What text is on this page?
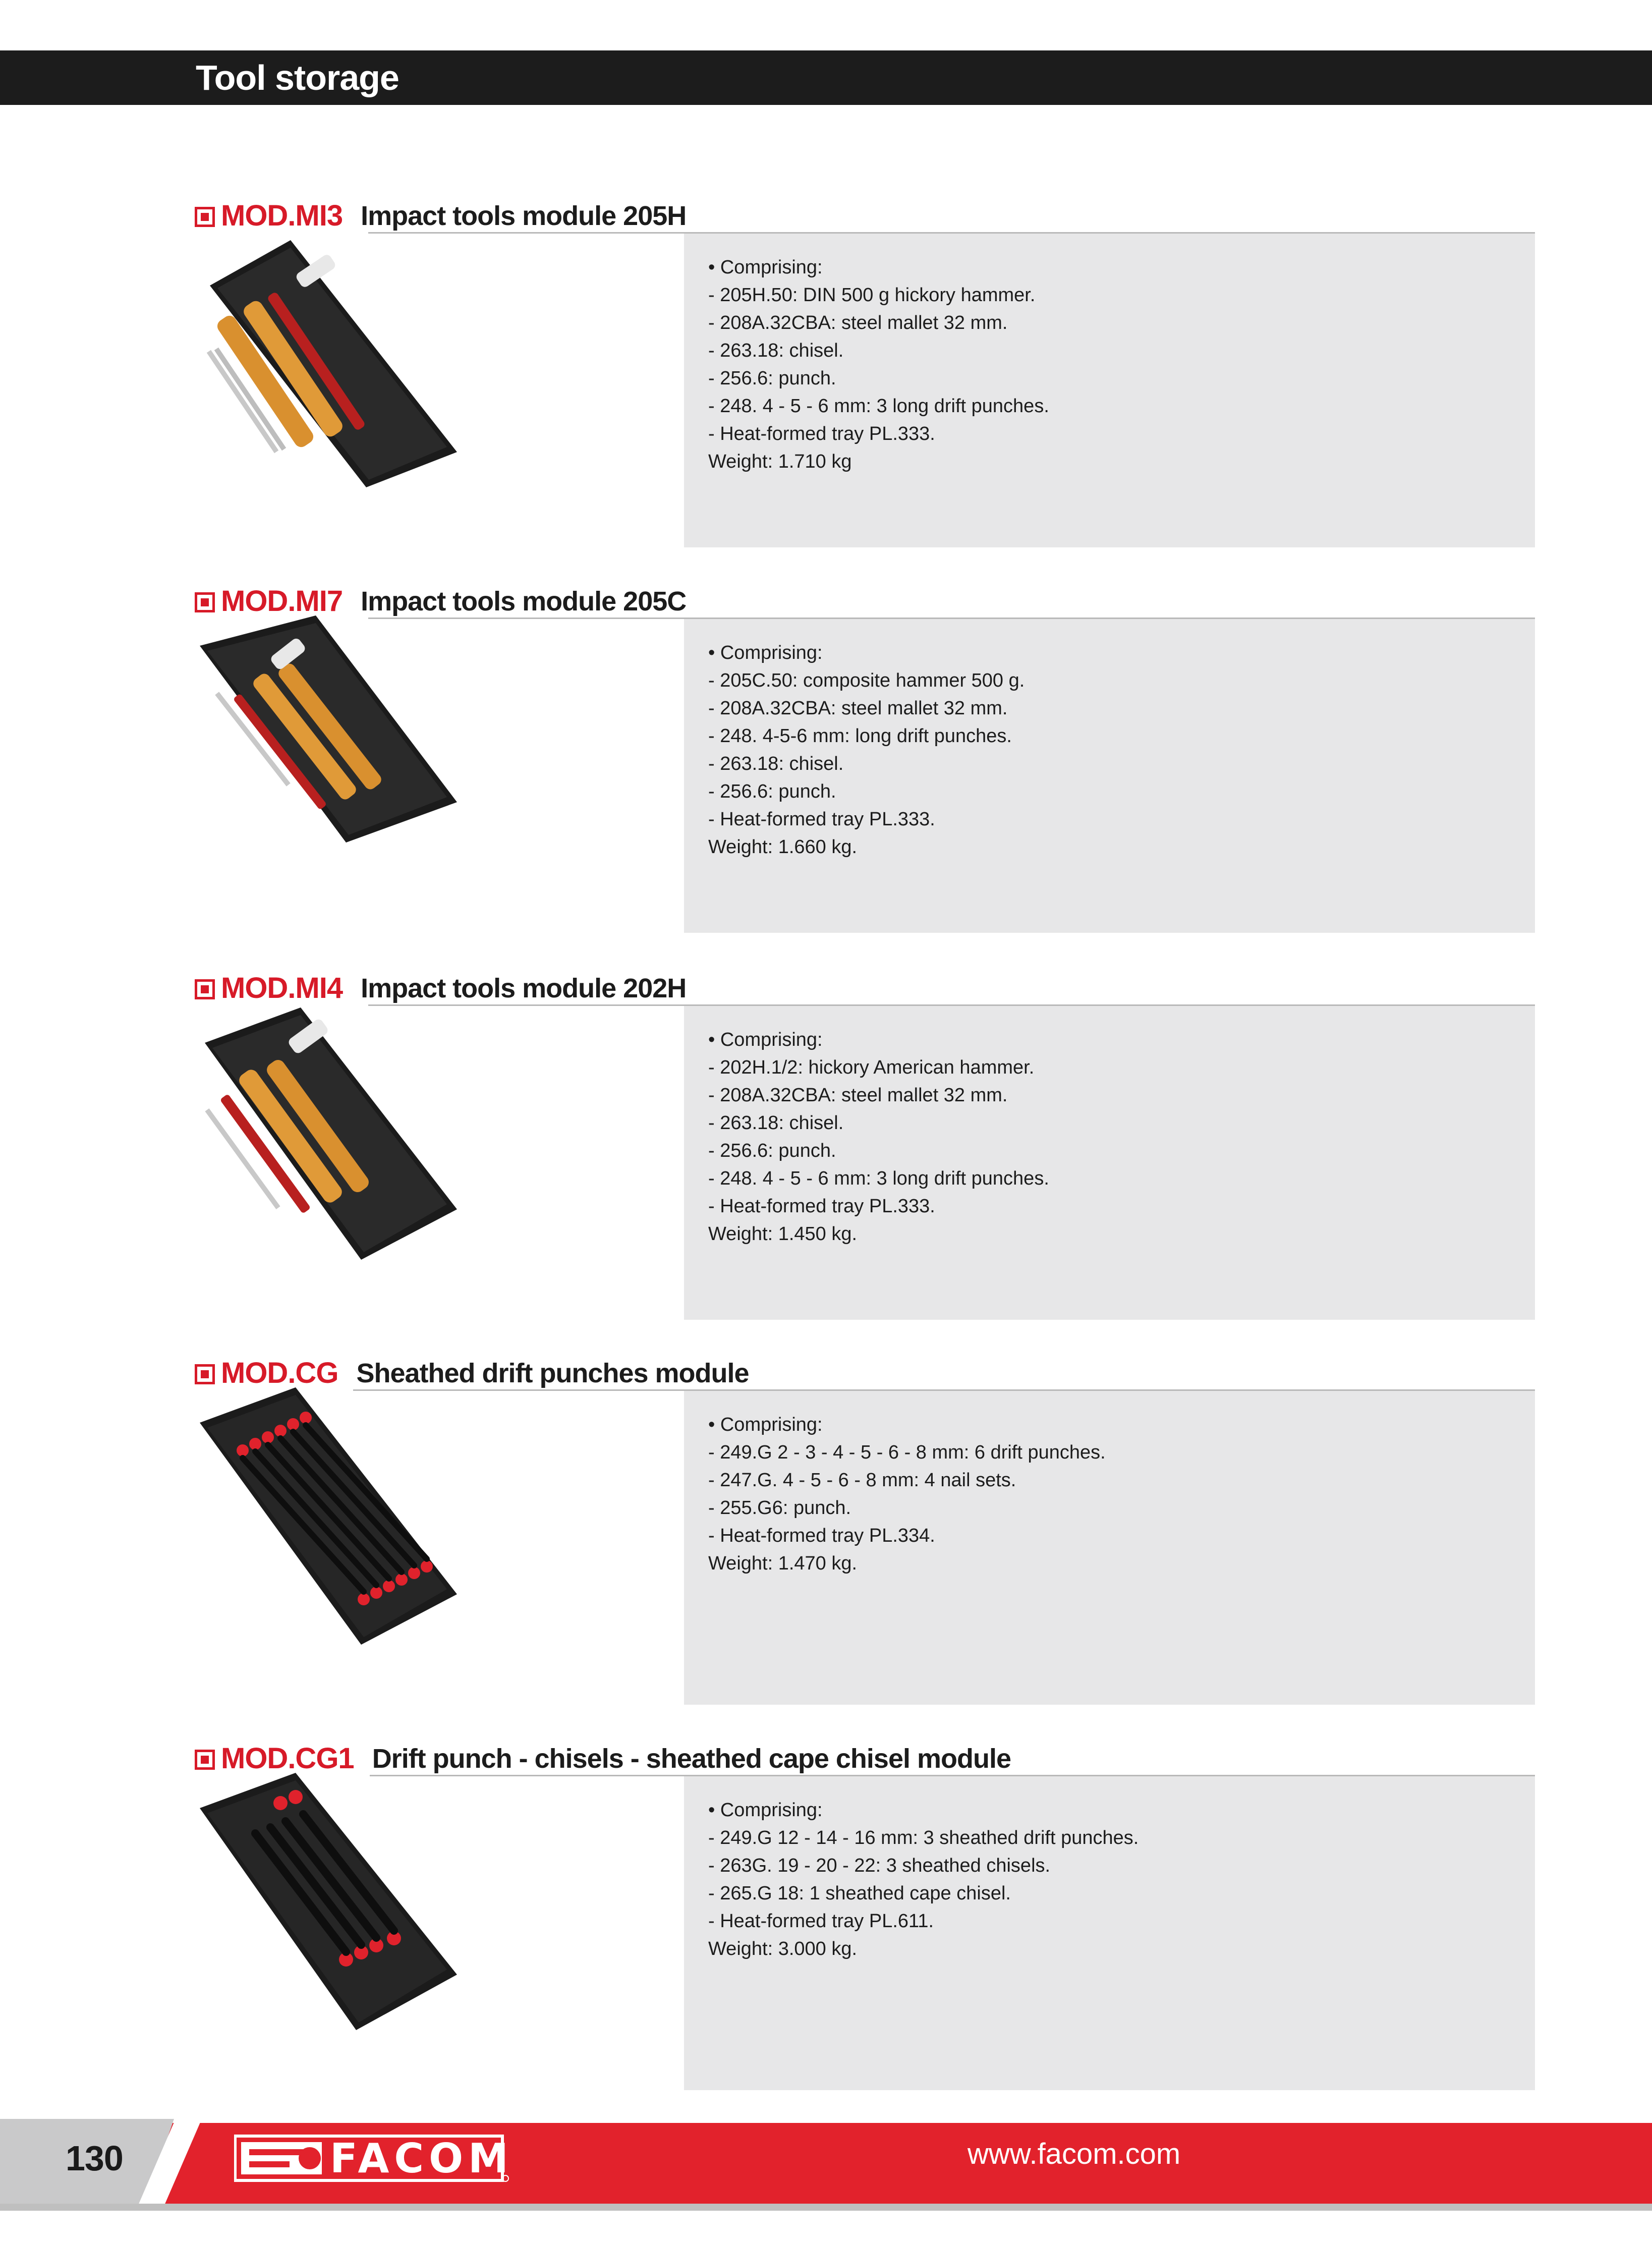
Tool storage
MOD.MI3 Impact tools module 205H
• Comprising:
- 205H.50: DIN 500 g hickory hammer.
- 208A.32CBA: steel mallet 32 mm.
- 263.18: chisel.
- 256.6: punch.
- 248. 4 - 5 - 6 mm: 3 long drift punches.
- Heat-formed tray PL.333.
Weight: 1.710 kg
MOD.MI7 Impact tools module 205C
• Comprising:
- 205C.50: composite hammer 500 g.
- 208A.32CBA: steel mallet 32 mm.
- 248. 4-5-6 mm: long drift punches.
- 263.18: chisel.
- 256.6: punch.
- Heat-formed tray PL.333.
Weight: 1.660 kg.
MOD.MI4 Impact tools module 202H
• Comprising:
- 202H.1/2: hickory American hammer.
- 208A.32CBA: steel mallet 32 mm.
- 263.18: chisel.
- 256.6: punch.
- 248. 4 - 5 - 6 mm: 3 long drift punches.
- Heat-formed tray PL.333.
Weight: 1.450 kg.
MOD.CG Sheathed drift punches module
• Comprising:
- 249.G 2 - 3 - 4 - 5 - 6 - 8 mm: 6 drift punches.
- 247.G. 4 - 5 - 6 - 8 mm: 4 nail sets.
- 255.G6: punch.
- Heat-formed tray PL.334.
Weight: 1.470 kg.
MOD.CG1 Drift punch - chisels - sheathed cape chisel module
• Comprising:
- 249.G 12 - 14 - 16 mm: 3 sheathed drift punches.
- 263G. 19 - 20 - 22: 3 sheathed chisels.
- 265.G 18: 1 sheathed cape chisel.
- Heat-formed tray PL.611.
Weight: 3.000 kg.
130	FACOM	www.facom.com
